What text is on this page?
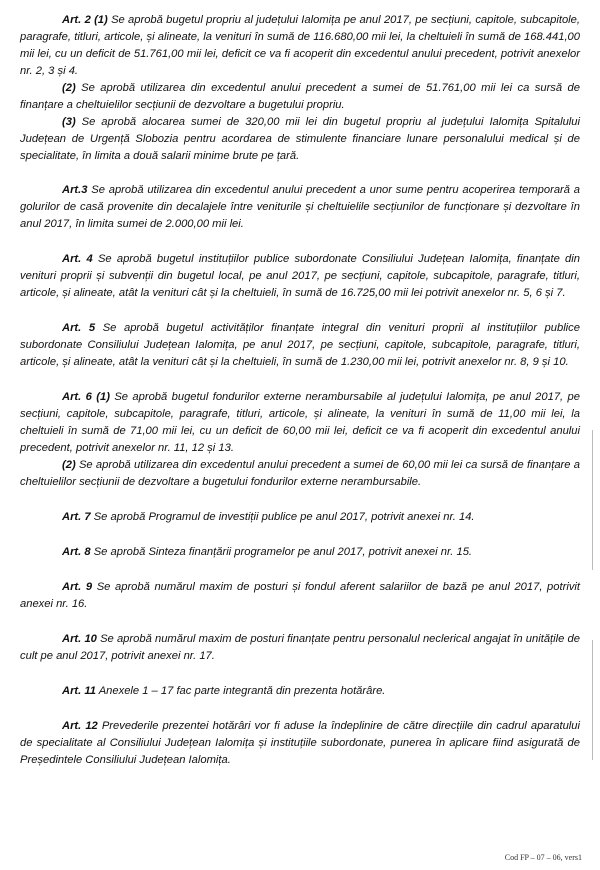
Art. 2 (1) Se aprobă bugetul propriu al județului Ialomița pe anul 2017, pe secțiuni, capitole, subcapitole, paragrafe, titluri, articole, și alineate, la venituri în sumă de 116.680,00 mii lei, la cheltuieli în sumă de 168.441,00 mii lei, cu un deficit de 51.761,00 mii lei, deficit ce va fi acoperit din excedentul anului precedent, potrivit anexelor nr. 2, 3 și 4.

(2) Se aprobă utilizarea din excedentul anului precedent a sumei de 51.761,00 mii lei ca sursă de finanțare a cheltuielilor secțiunii de dezvoltare a bugetului propriu.

(3) Se aprobă alocarea sumei de 320,00 mii lei din bugetul propriu al județului Ialomița Spitalului Județean de Urgență Slobozia pentru acordarea de stimulente financiare lunare personalului medical și de specialitate, în limita a două salarii minime brute pe țară.

Art.3 Se aprobă utilizarea din excedentul anului precedent a unor sume pentru acoperirea temporară a golurilor de casă provenite din decalajele între veniturile și cheltuielile secțiunilor de funcționare și dezvoltare în anul 2017, în limita sumei de 2.000,00 mii lei.

Art. 4 Se aprobă bugetul instituțiilor publice subordonate Consiliului Județean Ialomița, finanțate din venituri proprii și subvenții din bugetul local, pe anul 2017, pe secțiuni, capitole, subcapitole, paragrafe, titluri, articole, și alineate, atât la venituri cât și la cheltuieli, în sumă de 16.725,00 mii lei potrivit anexelor nr. 5, 6 și 7.

Art. 5 Se aprobă bugetul activităților finanțate integral din venituri proprii al instituțiilor publice subordonate Consiliului Județean Ialomița, pe anul 2017, pe secțiuni, capitole, subcapitole, paragrafe, titluri, articole, și alineate, atât la venituri cât și la cheltuieli, în sumă de 1.230,00 mii lei, potrivit anexelor nr. 8, 9 și 10.

Art. 6 (1) Se aprobă bugetul fondurilor externe nerambursabile al județului Ialomița, pe anul 2017, pe secțiuni, capitole, subcapitole, paragrafe, titluri, articole, și alineate, la venituri în sumă de 11,00 mii lei, la cheltuieli în sumă de 71,00 mii lei, cu un deficit de 60,00 mii lei, deficit ce va fi acoperit din excedentul anului precedent, potrivit anexelor nr. 11, 12 și 13.

(2) Se aprobă utilizarea din excedentul anului precedent a sumei de 60,00 mii lei ca sursă de finanțare a cheltuielilor secțiunii de dezvoltare a bugetului fondurilor externe nerambursabile.

Art. 7 Se aprobă Programul de investiții publice pe anul 2017, potrivit anexei nr. 14.

Art. 8 Se aprobă Sinteza finanțării programelor pe anul 2017, potrivit anexei nr. 15.

Art. 9 Se aprobă numărul maxim de posturi și fondul aferent salariilor de bază pe anul 2017, potrivit anexei nr. 16.

Art. 10 Se aprobă numărul maxim de posturi finanțate pentru personalul neclerical angajat în unitățile de cult pe anul 2017, potrivit anexei nr. 17.

Art. 11 Anexele 1 – 17 fac parte integrantă din prezenta hotărâre.

Art. 12 Prevederile prezentei hotărâri vor fi aduse la îndeplinire de către direcțiile din cadrul aparatului de specialitate al Consiliului Județean Ialomița și instituțiile subordonate, punerea în aplicare fiind asigurată de Președintele Consiliului Județean Ialomița.

Cod FP – 07 – 06, vers1
